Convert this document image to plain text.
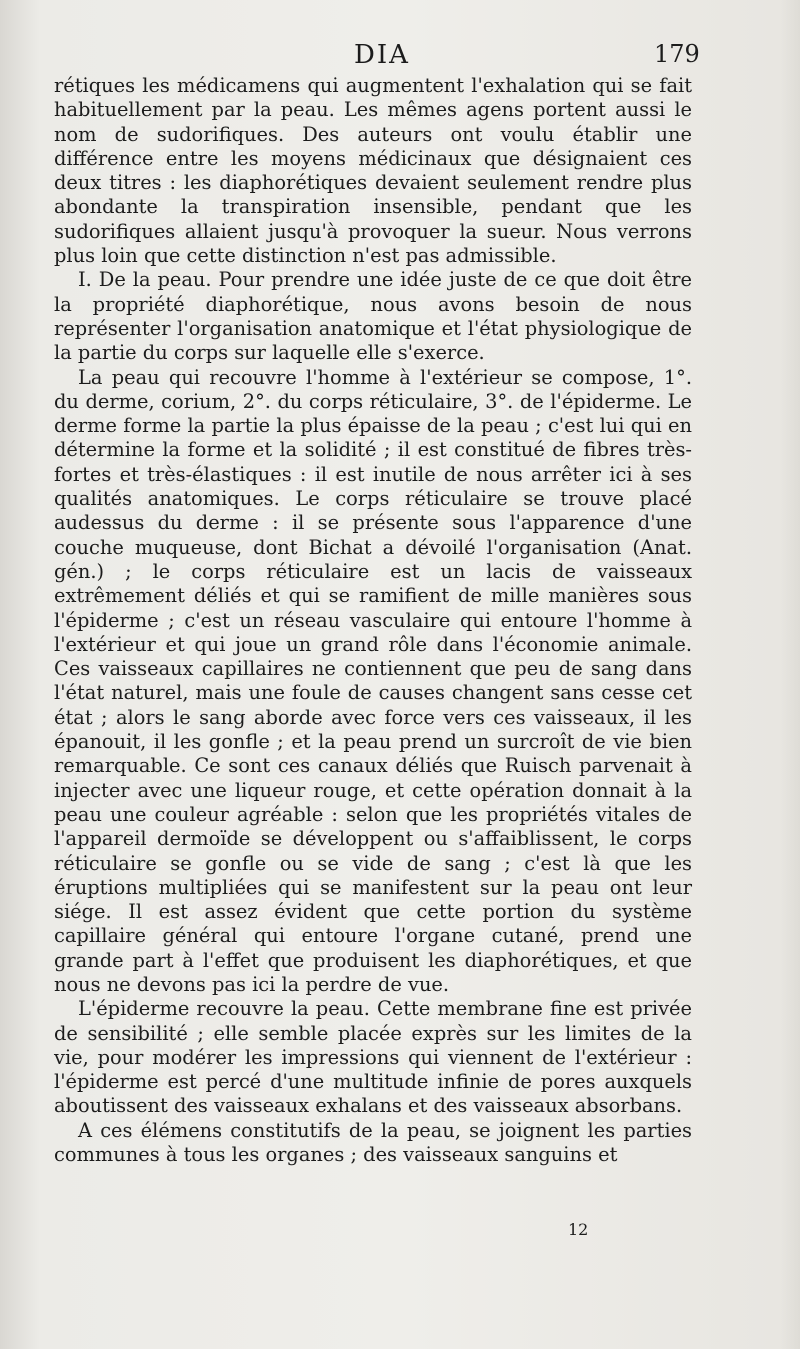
DIA	179

rétiques les médicamens qui augmentent l'exhalation qui se fait habituellement par la peau. Les mêmes agens portent aussi le nom de sudorifiques. Des auteurs ont voulu établir une différence entre les moyens médicinaux que désignaient ces deux titres : les diaphorétiques devaient seulement rendre plus abondante la transpiration insensible, pendant que les sudorifiques allaient jusqu'à provoquer la sueur. Nous verrons plus loin que cette distinction n'est pas admissible.

I. De la peau. Pour prendre une idée juste de ce que doit être la propriété diaphorétique, nous avons besoin de nous représenter l'organisation anatomique et l'état physiologique de la partie du corps sur laquelle elle s'exerce.

La peau qui recouvre l'homme à l'extérieur se compose, 1°. du derme, corium, 2°. du corps réticulaire, 3°. de l'épiderme. Le derme forme la partie la plus épaisse de la peau ; c'est lui qui en détermine la forme et la solidité ; il est constitué de fibres très-fortes et très-élastiques : il est inutile de nous arrêter ici à ses qualités anatomiques. Le corps réticulaire se trouve placé audessus du derme : il se présente sous l'apparence d'une couche muqueuse, dont Bichat a dévoilé l'organisation (Anat. gén.) ; le corps réticulaire est un lacis de vaisseaux extrêmement déliés et qui se ramifient de mille manières sous l'épiderme ; c'est un réseau vasculaire qui entoure l'homme à l'extérieur et qui joue un grand rôle dans l'économie animale. Ces vaisseaux capillaires ne contiennent que peu de sang dans l'état naturel, mais une foule de causes changent sans cesse cet état ; alors le sang aborde avec force vers ces vaisseaux, il les épanouit, il les gonfle ; et la peau prend un surcroît de vie bien remarquable. Ce sont ces canaux déliés que Ruisch parvenait à injecter avec une liqueur rouge, et cette opération donnait à la peau une couleur agréable : selon que les propriétés vitales de l'appareil dermoïde se développent ou s'affaiblissent, le corps réticulaire se gonfle ou se vide de sang ; c'est là que les éruptions multipliées qui se manifestent sur la peau ont leur siége. Il est assez évident que cette portion du système capillaire général qui entoure l'organe cutané, prend une grande part à l'effet que produisent les diaphorétiques, et que nous ne devons pas ici la perdre de vue.

L'épiderme recouvre la peau. Cette membrane fine est privée de sensibilité ; elle semble placée exprès sur les limites de la vie, pour modérer les impressions qui viennent de l'extérieur : l'épiderme est percé d'une multitude infinie de pores auxquels aboutissent des vaisseaux exhalans et des vaisseaux absorbans.

A ces élémens constitutifs de la peau, se joignent les parties communes à tous les organes ; des vaisseaux sanguins et

12
